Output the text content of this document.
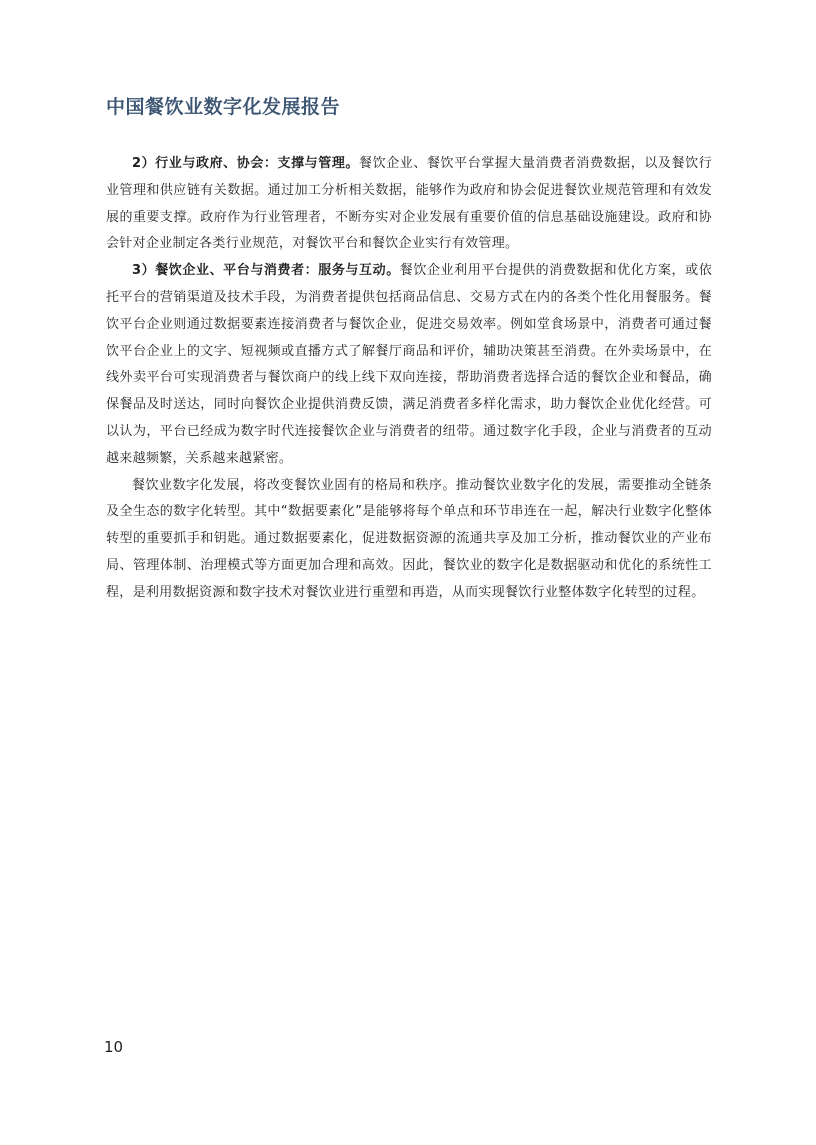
中国餐饮业数字化发展报告

2）行业与政府、协会：支撑与管理。餐饮企业、餐饮平台掌握大量消费者消费数据，以及餐饮行业管理和供应链有关数据。通过加工分析相关数据，能够作为政府和协会促进餐饮业规范管理和有效发展的重要支撑。政府作为行业管理者，不断夯实对企业发展有重要价值的信息基础设施建设。政府和协会针对企业制定各类行业规范，对餐饮平台和餐饮企业实行有效管理。

3）餐饮企业、平台与消费者：服务与互动。餐饮企业利用平台提供的消费数据和优化方案，或依托平台的营销渠道及技术手段，为消费者提供包括商品信息、交易方式在内的各类个性化用餐服务。餐饮平台企业则通过数据要素连接消费者与餐饮企业，促进交易效率。例如堂食场景中，消费者可通过餐饮平台企业上的文字、短视频或直播方式了解餐厅商品和评价，辅助决策甚至消费。在外卖场景中，在线外卖平台可实现消费者与餐饮商户的线上线下双向连接，帮助消费者选择合适的餐饮企业和餐品，确保餐品及时送达，同时向餐饮企业提供消费反馈，满足消费者多样化需求，助力餐饮企业优化经营。可以认为，平台已经成为数字时代连接餐饮企业与消费者的纽带。通过数字化手段，企业与消费者的互动越来越频繁，关系越来越紧密。

餐饮业数字化发展，将改变餐饮业固有的格局和秩序。推动餐饮业数字化的发展，需要推动全链条及全生态的数字化转型。其中“数据要素化”是能够将每个单点和环节串连在一起，解决行业数字化整体转型的重要抓手和钥匙。通过数据要素化，促进数据资源的流通共享及加工分析，推动餐饮业的产业布局、管理体制、治理模式等方面更加合理和高效。因此，餐饮业的数字化是数据驱动和优化的系统性工程，是利用数据资源和数字技术对餐饮业进行重塑和再造，从而实现餐饮行业整体数字化转型的过程。

10
